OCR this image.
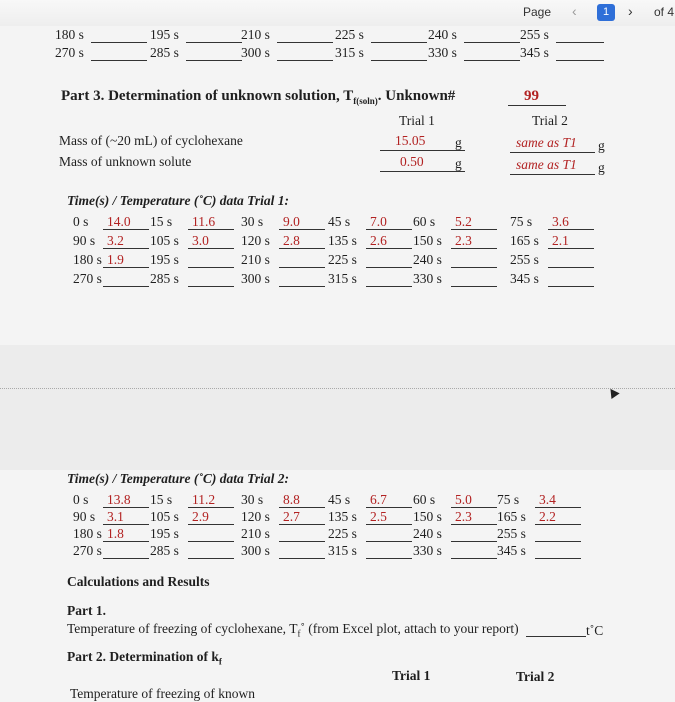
Page ‹	1	› of 4
180 s	195 s	210 s	225 s	240 s	255 s
270 s	285 s	300 s	315 s	330 s	345 s
Part 3. Determination of unknown solution, $T_{f(soln)}$. Unknown#	99
Trial 1	Trial 2
Mass of (~20 mL) of cyclohexane	15.05 g	same as T1 g
Mass of unknown solute	0.50 g	same as T1 g
Time(s) / Temperature (˚C) data Trial 1:
0 s 14.0 15 s 11.6 30 s 9.0 45 s 7.0 60 s 5.2	75 s 3.6
90 s 3.2 105 s 3.0 120 s 2.8 135 s 2.6 150 s 2.3	165 s 2.1
180 s 1.9 195 s	210 s	225 s	240 s	255 s
270 s	285 s	300 s	315 s	330 s	345 s
Time(s) / Temperature (˚C) data Trial 2:
0 s 13.8 15 s 11.2 30 s 8.8 45 s 6.7 60 s 5.0 75 s 3.4
90 s 3.1 105 s 2.9 120 s 2.7 135 s 2.5 150 s 2.3 165 s 2.2
180 s 1.8 195 s	210 s	225 s	240 s	255 s
270 s	285 s	300 s	315 s	330 s	345 s
Calculations and Results
Part 1.
Temperature of freezing of cyclohexane, $T_f˚$ (from Excel plot, attach to your report)	t˚C
Part 2. Determination of $k_f$
Trial 1	Trial 2
Temperature of freezing of known
